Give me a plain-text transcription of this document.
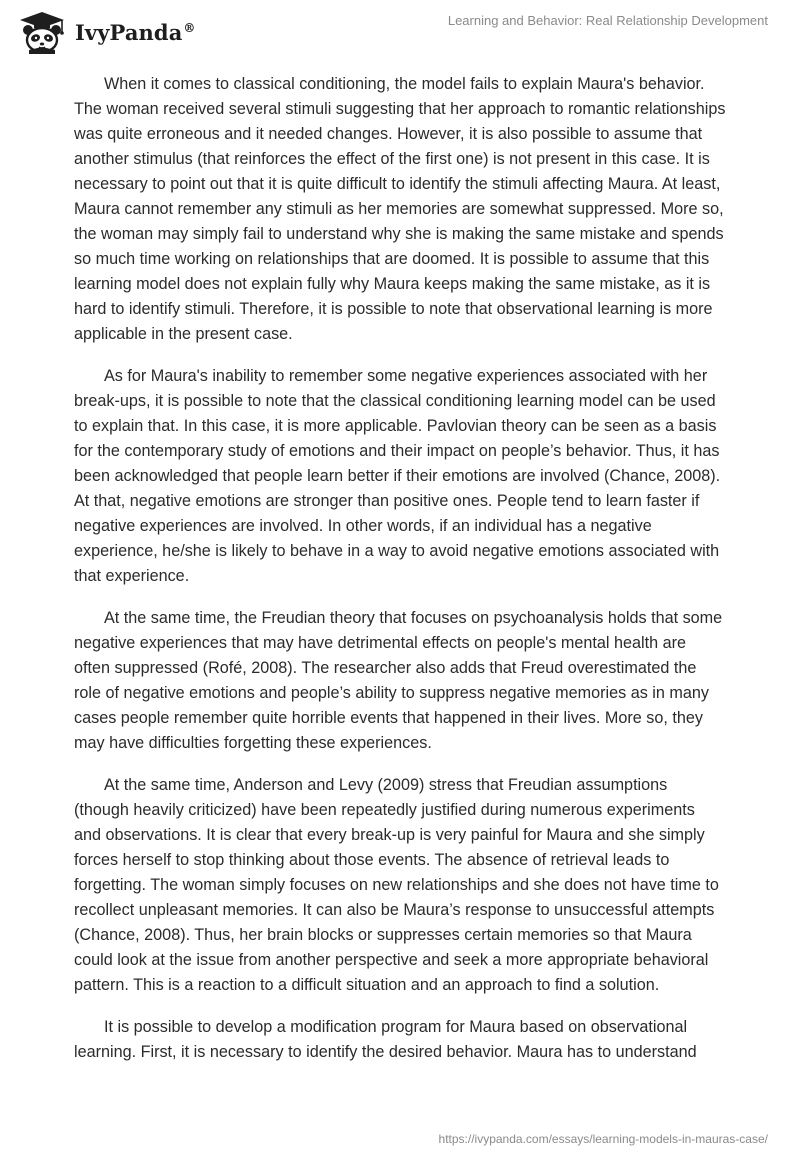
IvyPanda®	Learning and Behavior: Real Relationship Development

When it comes to classical conditioning, the model fails to explain Maura's behavior. The woman received several stimuli suggesting that her approach to romantic relationships was quite erroneous and it needed changes. However, it is also possible to assume that another stimulus (that reinforces the effect of the first one) is not present in this case. It is necessary to point out that it is quite difficult to identify the stimuli affecting Maura. At least, Maura cannot remember any stimuli as her memories are somewhat suppressed. More so, the woman may simply fail to understand why she is making the same mistake and spends so much time working on relationships that are doomed. It is possible to assume that this learning model does not explain fully why Maura keeps making the same mistake, as it is hard to identify stimuli. Therefore, it is possible to note that observational learning is more applicable in the present case.

As for Maura's inability to remember some negative experiences associated with her break-ups, it is possible to note that the classical conditioning learning model can be used to explain that. In this case, it is more applicable. Pavlovian theory can be seen as a basis for the contemporary study of emotions and their impact on people’s behavior. Thus, it has been acknowledged that people learn better if their emotions are involved (Chance, 2008). At that, negative emotions are stronger than positive ones. People tend to learn faster if negative experiences are involved. In other words, if an individual has a negative experience, he/she is likely to behave in a way to avoid negative emotions associated with that experience.

At the same time, the Freudian theory that focuses on psychoanalysis holds that some negative experiences that may have detrimental effects on people's mental health are often suppressed (Rofé, 2008). The researcher also adds that Freud overestimated the role of negative emotions and people’s ability to suppress negative memories as in many cases people remember quite horrible events that happened in their lives. More so, they may have difficulties forgetting these experiences.

At the same time, Anderson and Levy (2009) stress that Freudian assumptions (though heavily criticized) have been repeatedly justified during numerous experiments and observations. It is clear that every break-up is very painful for Maura and she simply forces herself to stop thinking about those events. The absence of retrieval leads to forgetting. The woman simply focuses on new relationships and she does not have time to recollect unpleasant memories. It can also be Maura’s response to unsuccessful attempts (Chance, 2008). Thus, her brain blocks or suppresses certain memories so that Maura could look at the issue from another perspective and seek a more appropriate behavioral pattern. This is a reaction to a difficult situation and an approach to find a solution.

It is possible to develop a modification program for Maura based on observational learning. First, it is necessary to identify the desired behavior. Maura has to understand

https://ivypanda.com/essays/learning-models-in-mauras-case/
